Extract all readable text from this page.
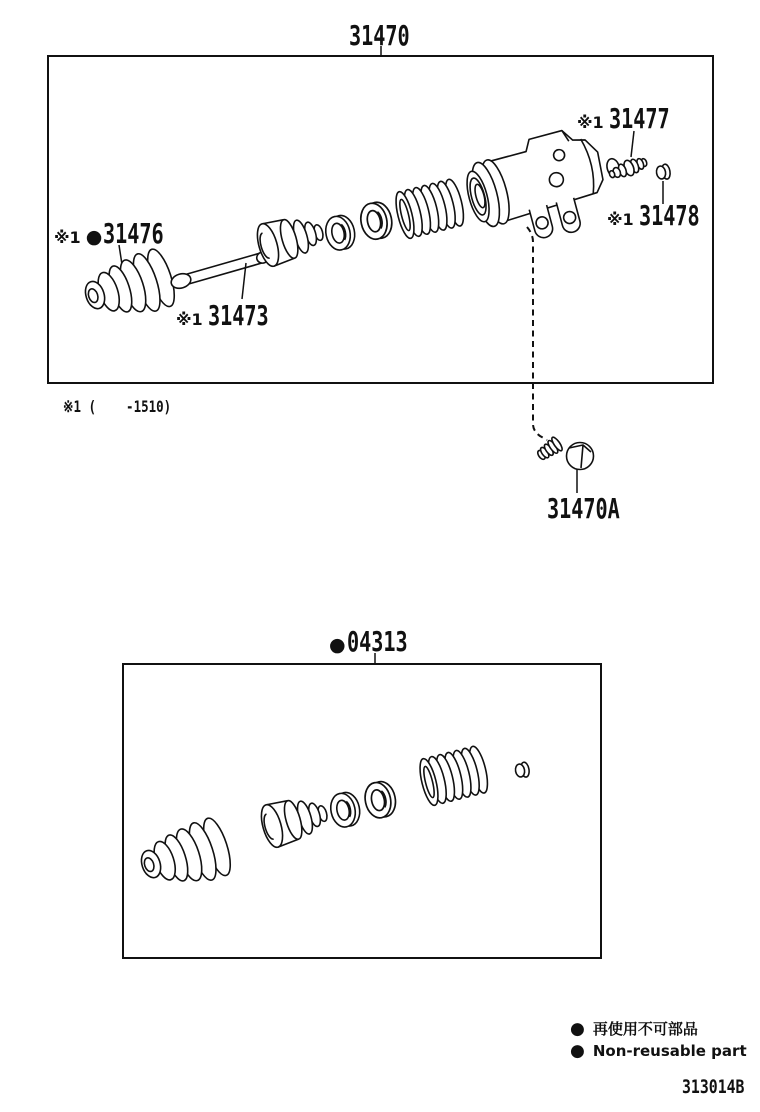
31470
※1 ● 31476
※1 31473
※1 31477
※1 31478
※1 (    -1510)
31470A
● 04313
● 再使用不可部品
● Non-reusable part
313014B
